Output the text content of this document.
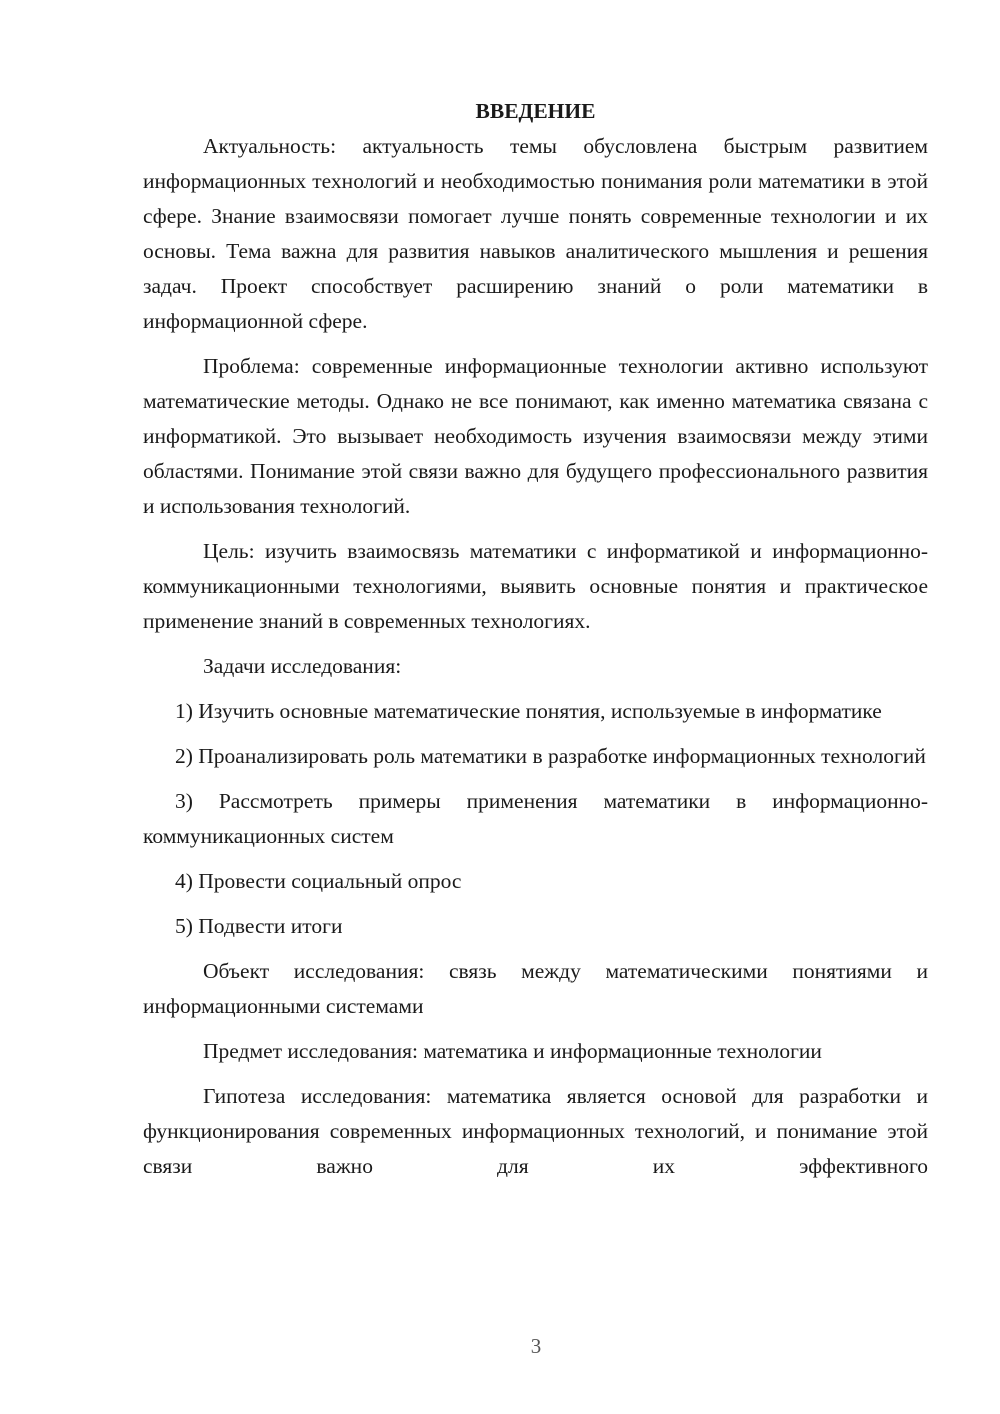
ВВЕДЕНИЕ

Актуальность: актуальность темы обусловлена быстрым развитием информационных технологий и необходимостью понимания роли математики в этой сфере. Знание взаимосвязи помогает лучше понять современные технологии и их основы. Тема важна для развития навыков аналитического мышления и решения задач. Проект способствует расширению знаний о роли математики в информационной сфере.

Проблема: современные информационные технологии активно используют математические методы. Однако не все понимают, как именно математика связана с информатикой. Это вызывает необходимость изучения взаимосвязи между этими областями. Понимание этой связи важно для будущего профессионального развития и использования технологий.

Цель: изучить взаимосвязь математики с информатикой и информационно-коммуникационными технологиями, выявить основные понятия и практическое применение знаний в современных технологиях.

Задачи исследования:

1) Изучить основные математические понятия, используемые в информатике

2) Проанализировать роль математики в разработке информационных технологий

3) Рассмотреть примеры применения математики в информационно-коммуникационных систем

4) Провести социальный опрос

5) Подвести итоги

Объект исследования: связь между математическими понятиями и информационными системами

Предмет исследования: математика и информационные технологии

Гипотеза исследования: математика является основой для разработки и функционирования современных информационных технологий, и понимание этой связи важно для их эффективного

3
